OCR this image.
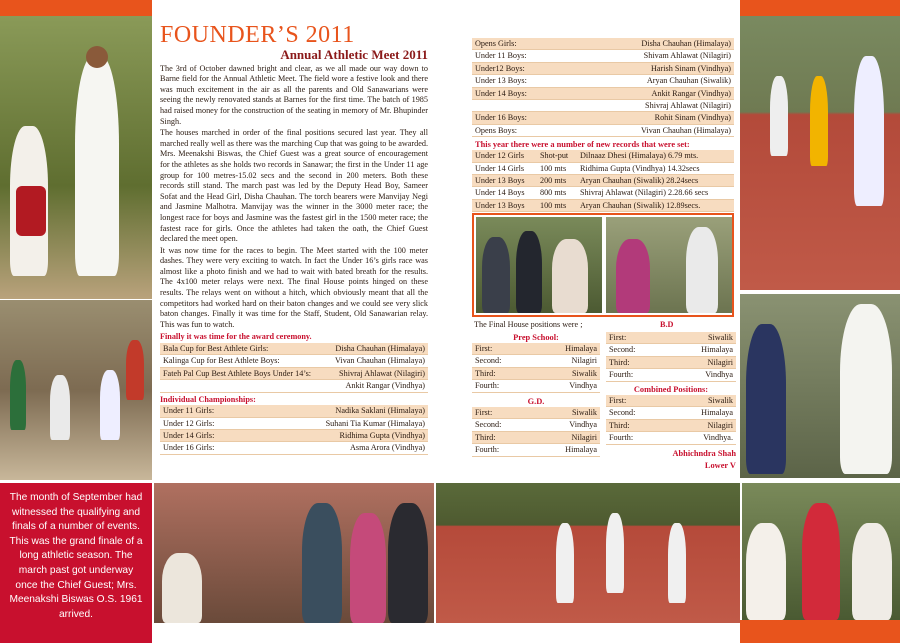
The month of September had witnessed the qualifying and finals of a number of events. This was the grand finale of a long athletic season. The march past got underway once the Chief Guest; Mrs. Meenakshi Biswas O.S. 1961 arrived.
FOUNDER’S 2011
Annual Athletic Meet 2011

The 3rd of October dawned bright and clear, as we all made our way down to Barne field for the Annual Athletic Meet. The field wore a festive look and there was much excitement in the air as all the parents and Old Sanawarians were seeing the newly renovated stands at Barnes for the first time. The batch of 1985 had raised money for the construction of the seating in memory of Mr. Bhupinder Singh.

The houses marched in order of the final positions secured last year. They all marched really well as there was the marching Cup that was going to be awarded. Mrs. Meenakshi Biswas, the Chief Guest was a great source of encouragement for the athletes as she holds two records in Sanawar; the first in the Under 11 age group for 100 metres-15.02 secs and the second in 200 meters. Both these records still stand. The march past was led by the Deputy Head Boy, Sameer Sofat and the Head Girl, Disha Chauhan. The torch bearers were Manvijay Negi and Jasmine Malhotra. Manvijay was the winner in the 3000 meter race; the longest race for boys and Jasmine was the fastest girl in the 1500 meter race; the fastest race for girls. Once the athletes had taken the oath, the Chief Guest declared the meet open.

It was now time for the races to begin. The Meet started with the 100 meter dashes. They were very exciting to watch. In fact the Under 16’s girls race was almost like a photo finish and we had to wait with bated breath for the results. The 4x100 meter relays were next. The final House points hinged on these results. The relays went on without a hitch, which obviously meant that all the competitors had worked hard on their baton changes and we could see very slick baton changes. Finally it was time for the Staff, Student, Old Sanawarian relay. This was fun to watch.

Finally it was time for the award ceremony.
Bala Cup for Best Athlete Girls:	Disha Chauhan (Himalaya)
Kalinga Cup for Best Athlete Boys:	Vivan Chauhan (Himalaya)
Fateh Pal Cup Best Athlete Boys Under 14’s:	Shivraj Ahlawat (Nilagiri)
	Ankit Rangar (Vindhya)
Individual Championships:
Under 11 Girls:	Nadika Saklani (Himalaya)
Under 12 Girls:	Suhani Tia Kumar (Himalaya)
Under 14 Girls:	Ridhima Gupta (Vindhya)
Under 16 Girls:	Asma Arora (Vindhya)
Opens Girls:	Disha Chauhan (Himalaya)
Under 11 Boys:	Shivam Ahlawat (Nilagiri)
Under12 Boys:	Harish Sinam (Vindhya)
Under 13 Boys:	Aryan Chauhan (Siwalik)
Under 14 Boys:	Ankit Rangar (Vindhya)
	Shivraj Ahlawat (Nilagiri)
Under 16 Boys:	Rohit Sinam (Vindhya)
Opens Boys:	Vivan Chauhan (Himalaya)
This year there were a number of new records that were set:
Under 12 Girls	Shot-put	Dilnaaz Dhesi (Himalaya) 6.79 mts.
Under 14 Girls	100 mts	Ridhima Gupta (Vindhya) 14.32secs
Under 13 Boys	200 mts	Aryan Chauhan (Siwalik) 28.24secs
Under 14 Boys	800 mts	Shivraj Ahlawat (Nilagiri) 2.28.66 secs
Under 13 Boys	100 mts	Aryan Chauhan (Siwalik) 12.89secs.
The Final House positions were ;	B.D
Prep School:
First:	Himalaya
Second:	Nilagiri
Third:	Siwalik
Fourth:	Vindhya
G.D.
First:	Siwalik
Second:	Vindhya
Third:	Nilagiri
Fourth:	Himalaya
First:	Siwalik
Second:	Himalaya
Third:	Nilagiri
Fourth:	Vindhya
Combined Positions:
First:	Siwalik
Second:	Himalaya
Third:	Nilagiri
Fourth:	Vindhya.
Abhichndra Shah
Lower V
